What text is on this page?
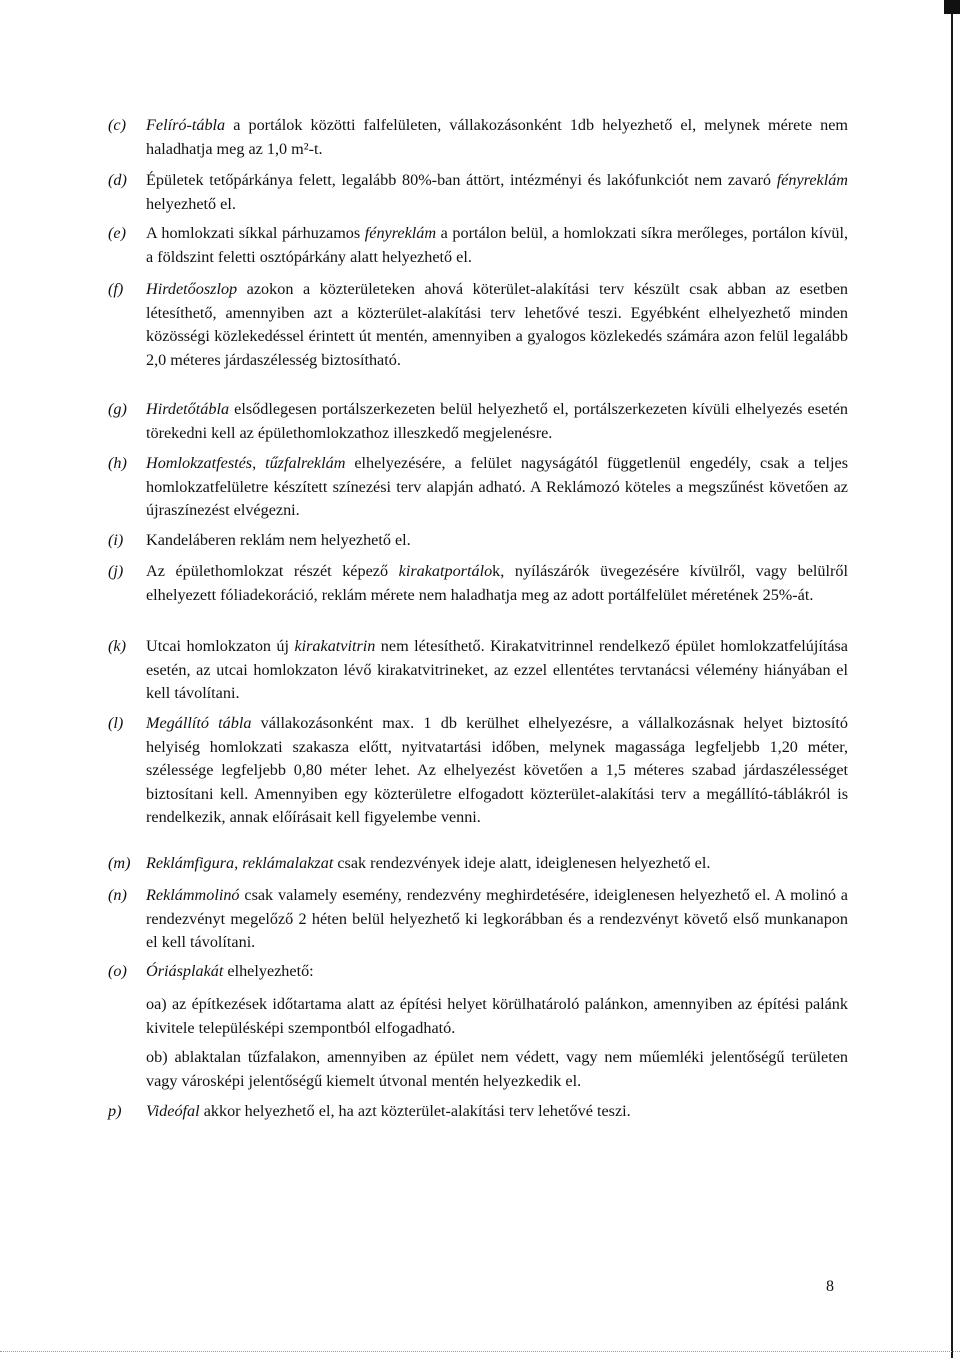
(c) Felíró-tábla a portálok közötti falfelületen, vállakozásonként 1db helyezhető el, melynek mérete nem haladhatja meg az 1,0 m²-t.
(d) Épületek tetőpárkánya felett, legalább 80%-ban áttört, intézményi és lakófunkciót nem zavaró fényreklám helyezhető el.
(e) A homlokzati síkkal párhuzamos fényreklám a portálon belül, a homlokzati síkra merőleges, portálon kívül, a földszint feletti osztópárkány alatt helyezhető el.
(f) Hirdetőoszlop azokon a közterületeken ahová köterület-alakítási terv készült csak abban az esetben létesíthető, amennyiben azt a közterület-alakítási terv lehetővé teszi. Egyébként elhelyezhető minden közösségi közlekedéssel érintett út mentén, amennyiben a gyalogos közlekedés számára azon felül legalább 2,0 méteres járdaszélesség biztosítható.
(g) Hirdetőtábla elsődlegesen portálszerkezeten belül helyezhető el, portálszerkezeten kívüli elhelyezés esetén törekedni kell az épülethomlokzathoz illeszkedő megjelenésre.
(h) Homlokzatfestés, tűzfalreklám elhelyezésére, a felület nagyságától függetlenül engedély, csak a teljes homlokzatfelületre készített színezési terv alapján adható. A Reklámozó köteles a megszűnést követően az újraszínezést elvégezni.
(i) Kandeláberen reklám nem helyezhető el.
(j) Az épülethomlokzat részét képező kirakatportálok, nyílászárók üvegezésére kívülről, vagy belülről elhelyezett fóliadekoráció, reklám mérete nem haladhatja meg az adott portálfelület méretének 25%-át.
(k) Utcai homlokzaton új kirakatvitrin nem létesíthető. Kirakatvitrinnel rendelkező épület homlokzatfelújítása esetén, az utcai homlokzaton lévő kirakatvitrineket, az ezzel ellentétes tervtanácsi vélemény hiányában el kell távolítani.
(l) Megállító tábla vállakozásonként max. 1 db kerülhet elhelyezésre, a vállalkozásnak helyet biztosító helyiség homlokzati szakasza előtt, nyitvatartási időben, melynek magassága legfeljebb 1,20 méter, szélessége legfeljebb 0,80 méter lehet. Az elhelyezést követően a 1,5 méteres szabad járdaszélességet biztosítani kell. Amennyiben egy közterületre elfogadott közterület-alakítási terv a megállító-táblákról is rendelkezik, annak előírásait kell figyelembe venni.
(m) Reklámfigura, reklámalakzat csak rendezvények ideje alatt, ideiglenesen helyezhető el.
(n) Reklámmolinó csak valamely esemény, rendezvény meghirdetésére, ideiglenesen helyezhető el. A molinó a rendezvényt megelőző 2 héten belül helyezhető ki legkorábban és a rendezvényt követő első munkanapon el kell távolítani.
(o) Óriásplakát elhelyezhető:
oa) az építkezések időtartama alatt az építési helyet körülhatároló palánkon, amennyiben az építési palánk kivitele településképi szempontból elfogadható.
ob) ablaktalan tűzfalakon, amennyiben az épület nem védett, vagy nem műemléki jelentőségű területen vagy városképi jelentőségű kiemelt útvonal mentén helyezkedik el.
p) Videófal akkor helyezhető el, ha azt közterület-alakítási terv lehetővé teszi.
8
